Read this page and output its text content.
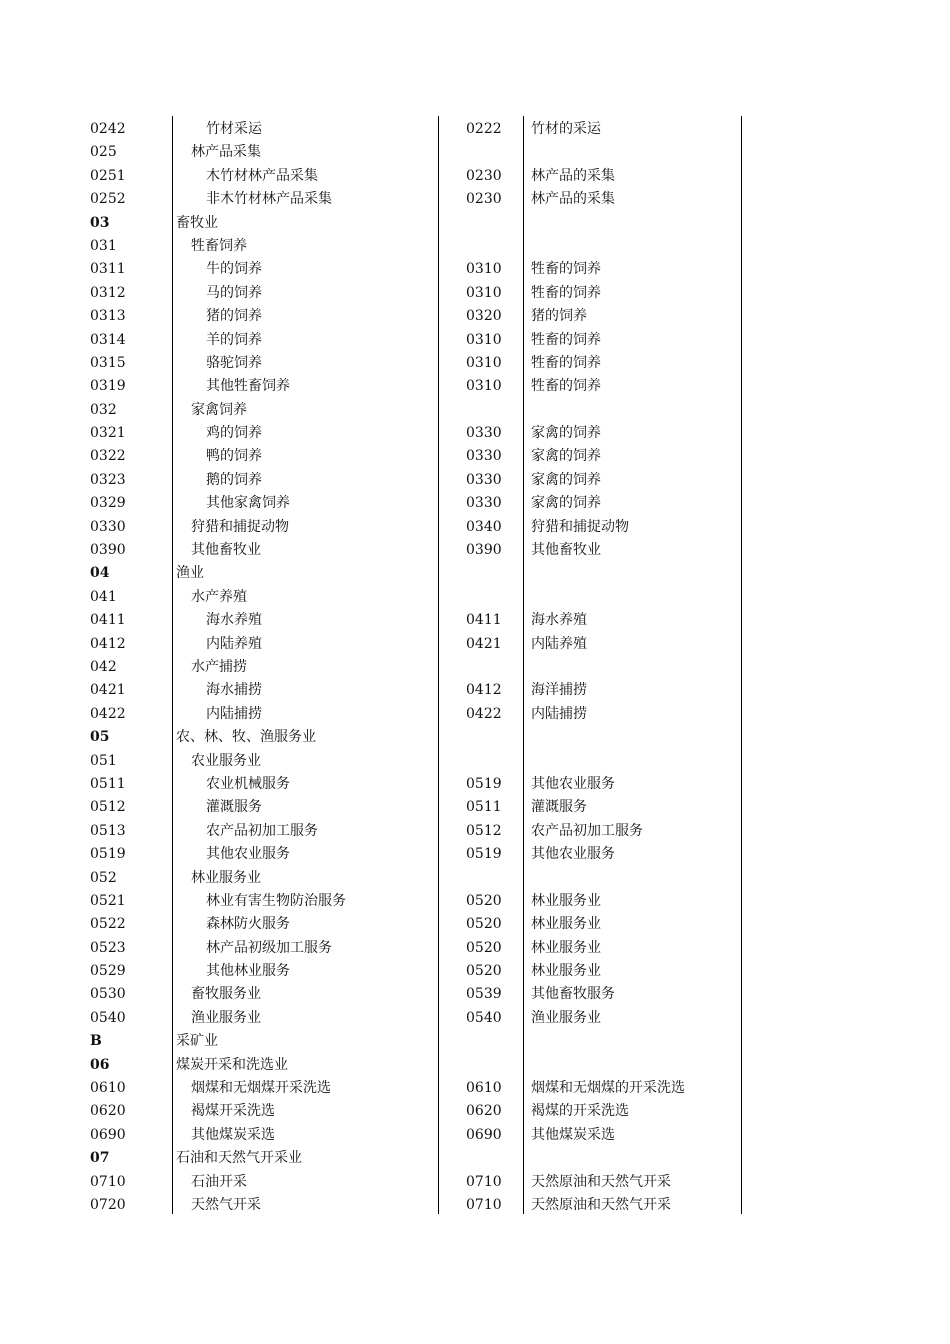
0242	竹材采运	0222 竹材的采运
025	林产品采集
0251	木竹材林产品采集	0230 林产品的采集
0252	非木竹材林产品采集	0230 林产品的采集
03	畜牧业
031	牲畜饲养
0311	牛的饲养	0310 牲畜的饲养
0312	马的饲养	0310 牲畜的饲养
0313	猪的饲养	0320 猪的饲养
0314	羊的饲养	0310 牲畜的饲养
0315	骆驼饲养	0310 牲畜的饲养
0319	其他牲畜饲养	0310 牲畜的饲养
032	家禽饲养
0321	鸡的饲养	0330 家禽的饲养
0322	鸭的饲养	0330 家禽的饲养
0323	鹅的饲养	0330 家禽的饲养
0329	其他家禽饲养	0330 家禽的饲养
0330	狩猎和捕捉动物	0340 狩猎和捕捉动物
0390	其他畜牧业	0390 其他畜牧业
04	渔业
041	水产养殖
0411	海水养殖	0411 海水养殖
0412	内陆养殖	0421 内陆养殖
042	水产捕捞
0421	海水捕捞	0412 海洋捕捞
0422	内陆捕捞	0422 内陆捕捞
05	农、林、牧、渔服务业
051	农业服务业
0511	农业机械服务	0519 其他农业服务
0512	灌溉服务	0511 灌溉服务
0513	农产品初加工服务	0512 农产品初加工服务
0519	其他农业服务	0519 其他农业服务
052	林业服务业
0521	林业有害生物防治服务	0520 林业服务业
0522	森林防火服务	0520 林业服务业
0523	林产品初级加工服务	0520 林业服务业
0529	其他林业服务	0520 林业服务业
0530	畜牧服务业	0539 其他畜牧服务
0540	渔业服务业	0540 渔业服务业
B	采矿业
06	煤炭开采和洗选业
0610	烟煤和无烟煤开采洗选	0610 烟煤和无烟煤的开采洗选
0620	褐煤开采洗选	0620 褐煤的开采洗选
0690	其他煤炭采选	0690 其他煤炭采选
07	石油和天然气开采业
0710	石油开采	0710 天然原油和天然气开采
0720	天然气开采	0710 天然原油和天然气开采
